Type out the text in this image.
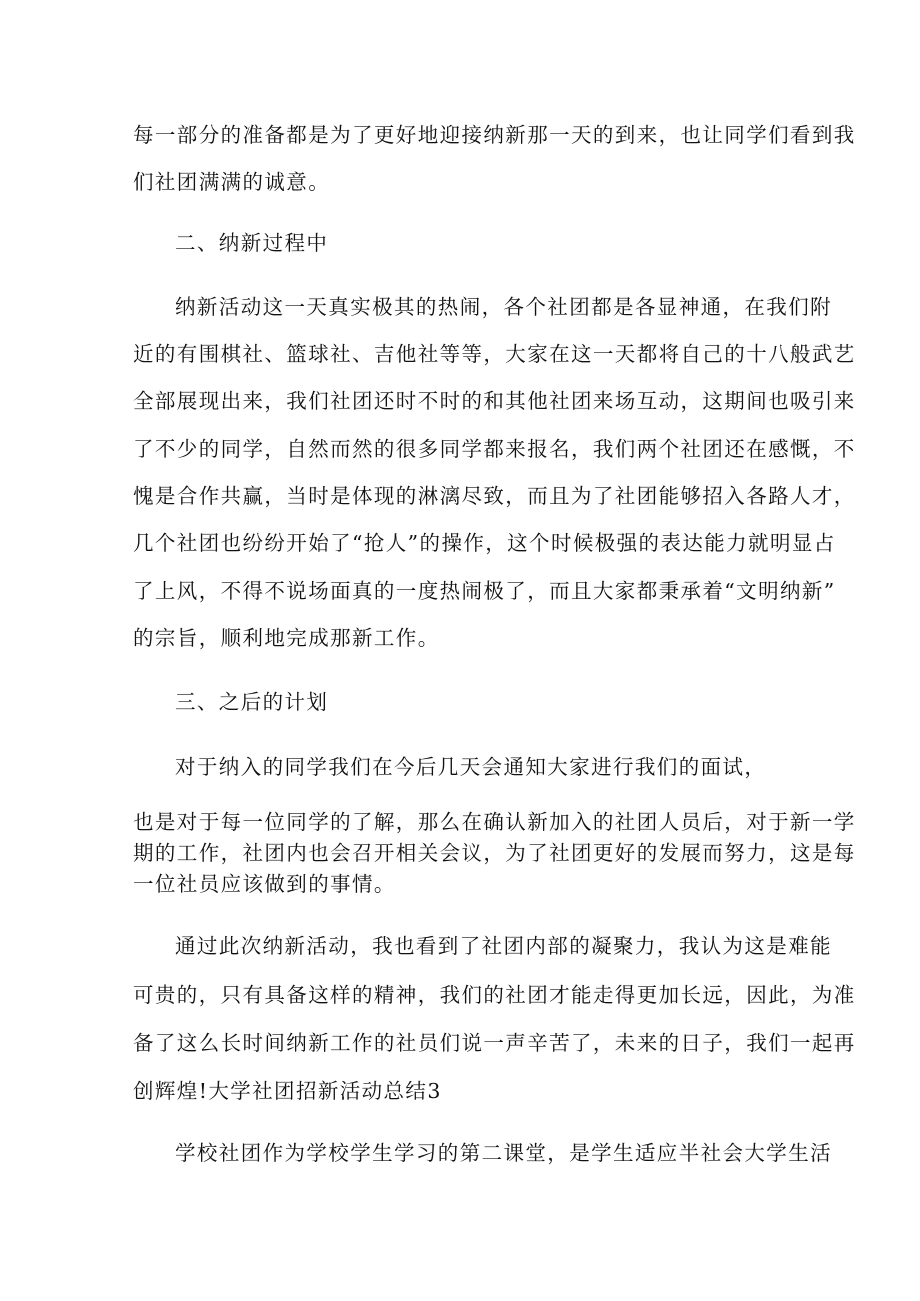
每一部分的准备都是为了更好地迎接纳新那一天的到来，也让同学们看到我
们社团满满的诚意。
二、纳新过程中
纳新活动这一天真实极其的热闹，各个社团都是各显神通，在我们附
近的有围棋社、篮球社、吉他社等等，大家在这一天都将自己的十八般武艺
全部展现出来，我们社团还时不时的和其他社团来场互动，这期间也吸引来
了不少的同学，自然而然的很多同学都来报名，我们两个社团还在感慨，不
愧是合作共赢，当时是体现的淋漓尽致，而且为了社团能够招入各路人才，
几个社团也纷纷开始了“抢人”的操作，这个时候极强的表达能力就明显占
了上风，不得不说场面真的一度热闹极了，而且大家都秉承着“文明纳新”
的宗旨，顺利地完成那新工作。
三、之后的计划
对于纳入的同学我们在今后几天会通知大家进行我们的面试，
也是对于每一位同学的了解，那么在确认新加入的社团人员后，对于新一学
期的工作，社团内也会召开相关会议，为了社团更好的发展而努力，这是每
一位社员应该做到的事情。
通过此次纳新活动，我也看到了社团内部的凝聚力，我认为这是难能
可贵的，只有具备这样的精神，我们的社团才能走得更加长远，因此，为准
备了这么长时间纳新工作的社员们说一声辛苦了，未来的日子，我们一起再
创辉煌!大学社团招新活动总结3
学校社团作为学校学生学习的第二课堂，是学生适应半社会大学生活
